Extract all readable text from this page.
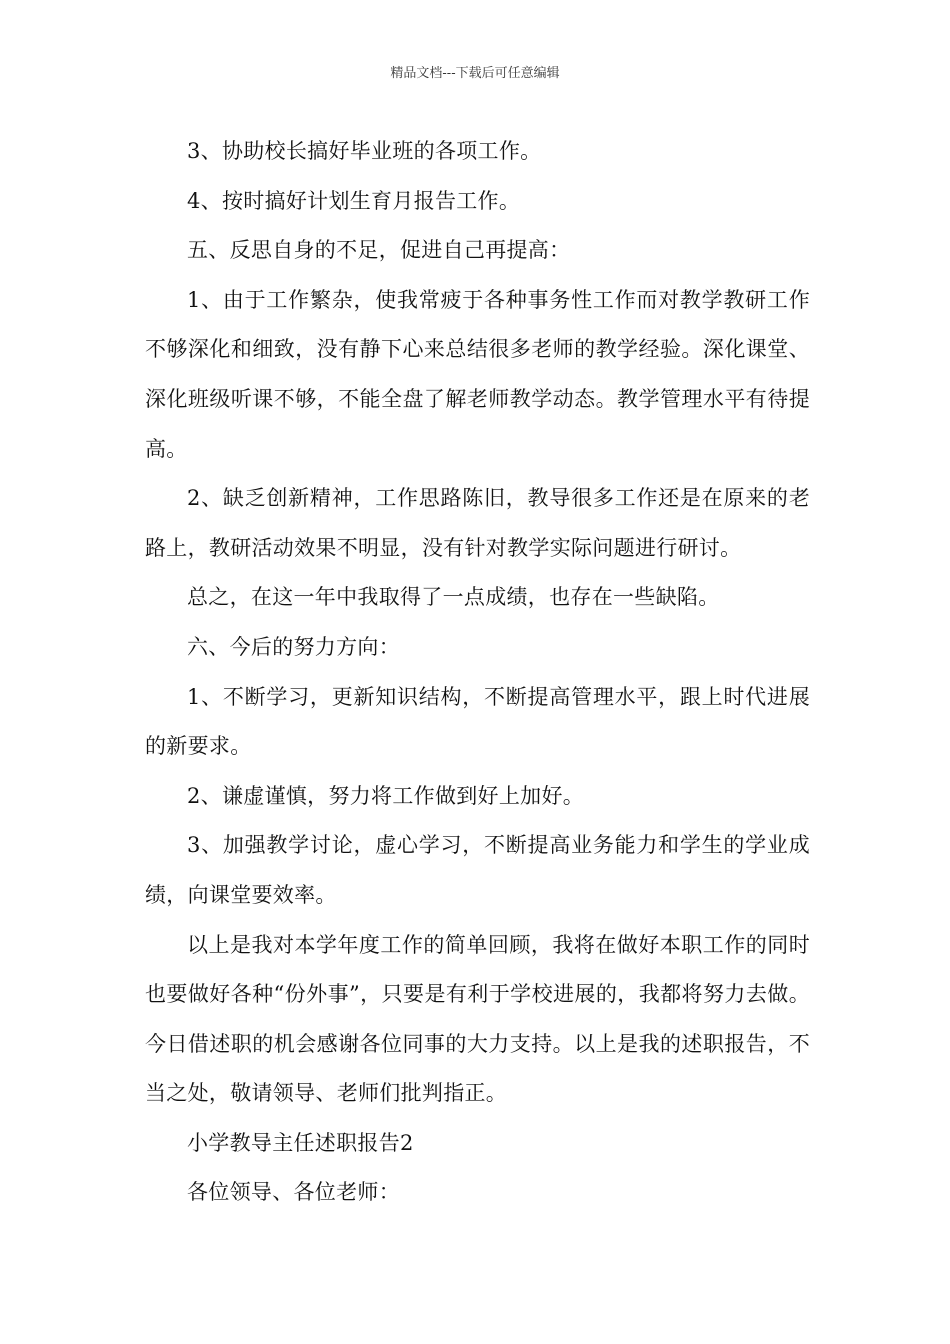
精品文档---下载后可任意编辑

3、协助校长搞好毕业班的各项工作。

4、按时搞好计划生育月报告工作。

五、反思自身的不足，促进自己再提高：

1、由于工作繁杂，使我常疲于各种事务性工作而对教学教研工作不够深化和细致，没有静下心来总结很多老师的教学经验。深化课堂、深化班级听课不够，不能全盘了解老师教学动态。教学管理水平有待提高。

2、缺乏创新精神，工作思路陈旧，教导很多工作还是在原来的老路上，教研活动效果不明显，没有针对教学实际问题进行研讨。

总之，在这一年中我取得了一点成绩，也存在一些缺陷。

六、今后的努力方向：

1、不断学习，更新知识结构，不断提高管理水平，跟上时代进展的新要求。

2、谦虚谨慎，努力将工作做到好上加好。

3、加强教学讨论，虚心学习，不断提高业务能力和学生的学业成绩，向课堂要效率。

以上是我对本学年度工作的简单回顾，我将在做好本职工作的同时也要做好各种“份外事”，只要是有利于学校进展的，我都将努力去做。今日借述职的机会感谢各位同事的大力支持。以上是我的述职报告，不当之处，敬请领导、老师们批判指正。

小学教导主任述职报告2

各位领导、各位老师：
